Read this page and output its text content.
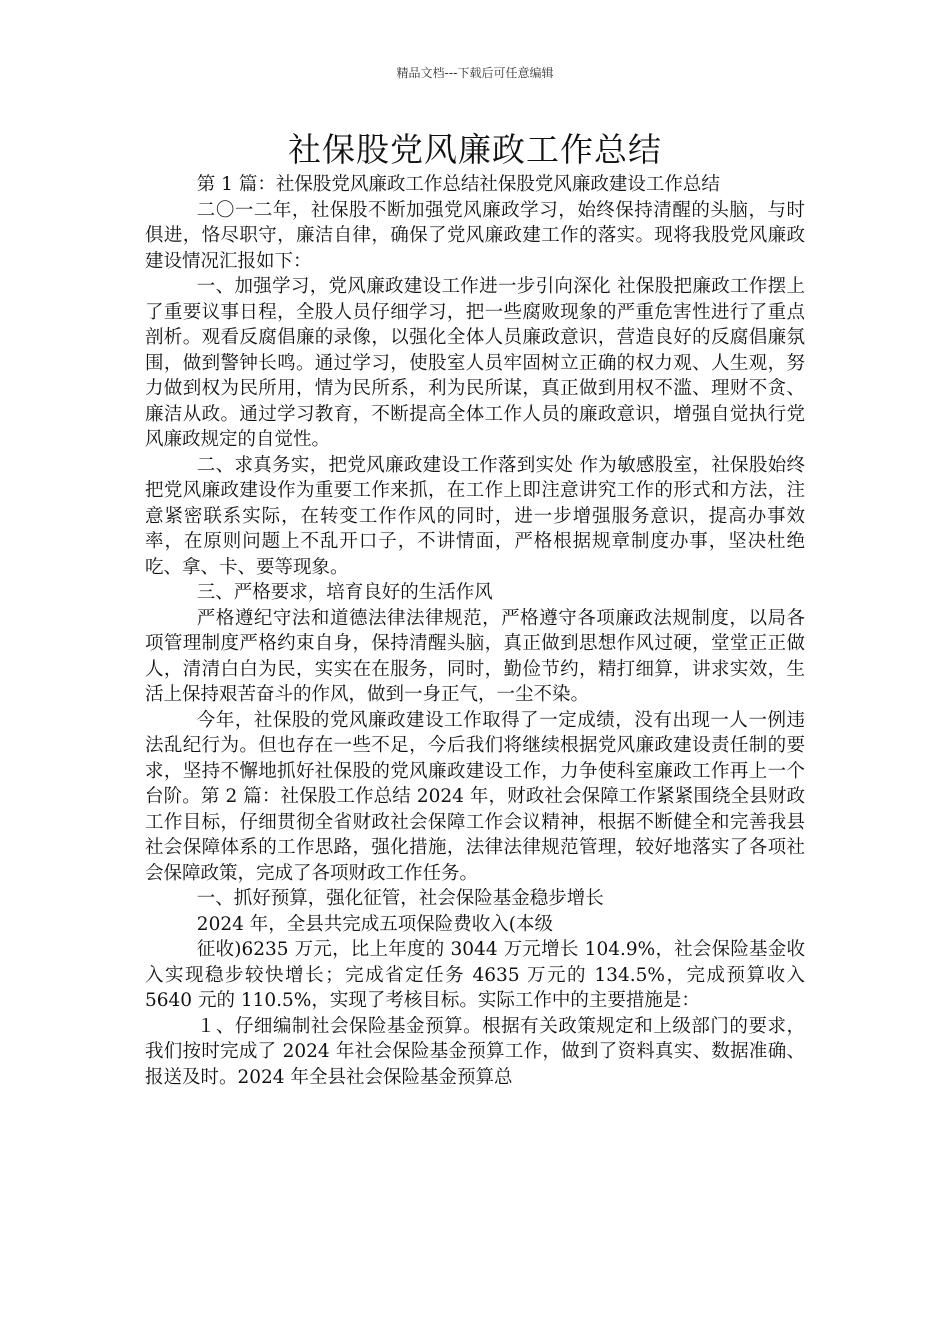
精品文档---下载后可任意编辑
社保股党风廉政工作总结

第 1 篇：社保股党风廉政工作总结社保股党风廉政建设工作总结

二〇一二年，社保股不断加强党风廉政学习，始终保持清醒的头脑，与时俱进，恪尽职守，廉洁自律，确保了党风廉政建工作的落实。现将我股党风廉政建设情况汇报如下：

一、加强学习，党风廉政建设工作进一步引向深化 社保股把廉政工作摆上了重要议事日程，全股人员仔细学习，把一些腐败现象的严重危害性进行了重点剖析。观看反腐倡廉的录像，以强化全体人员廉政意识，营造良好的反腐倡廉氛围，做到警钟长鸣。通过学习，使股室人员牢固树立正确的权力观、人生观，努力做到权为民所用，情为民所系，利为民所谋，真正做到用权不滥、理财不贪、廉洁从政。通过学习教育，不断提高全体工作人员的廉政意识，增强自觉执行党风廉政规定的自觉性。

二、求真务实，把党风廉政建设工作落到实处 作为敏感股室，社保股始终把党风廉政建设作为重要工作来抓，在工作上即注意讲究工作的形式和方法，注意紧密联系实际，在转变工作作风的同时，进一步增强服务意识，提高办事效率，在原则问题上不乱开口子，不讲情面，严格根据规章制度办事，坚决杜绝吃、拿、卡、要等现象。

三、严格要求，培育良好的生活作风

严格遵纪守法和道德法律法律规范，严格遵守各项廉政法规制度，以局各项管理制度严格约束自身，保持清醒头脑，真正做到思想作风过硬，堂堂正正做人，清清白白为民，实实在在服务，同时，勤俭节约，精打细算，讲求实效，生活上保持艰苦奋斗的作风，做到一身正气，一尘不染。

今年，社保股的党风廉政建设工作取得了一定成绩，没有出现一人一例违法乱纪行为。但也存在一些不足，今后我们将继续根据党风廉政建设责任制的要求，坚持不懈地抓好社保股的党风廉政建设工作，力争使科室廉政工作再上一个台阶。第 2 篇：社保股工作总结 2024 年，财政社会保障工作紧紧围绕全县财政工作目标，仔细贯彻全省财政社会保障工作会议精神，根据不断健全和完善我县社会保障体系的工作思路，强化措施，法律法律规范管理，较好地落实了各项社会保障政策，完成了各项财政工作任务。

一、抓好预算，强化征管，社会保险基金稳步增长

2024 年，全县共完成五项保险费收入(本级

征收)6235 万元，比上年度的 3044 万元增长 104.9%，社会保险基金收入实现稳步较快增长；完成省定任务 4635 万元的 134.5%，完成预算收入 5640 元的 110.5%，实现了考核目标。实际工作中的主要措施是：

１、仔细编制社会保险基金预算。根据有关政策规定和上级部门的要求，我们按时完成了 2024 年社会保险基金预算工作，做到了资料真实、数据准确、报送及时。2024 年全县社会保险基金预算总
